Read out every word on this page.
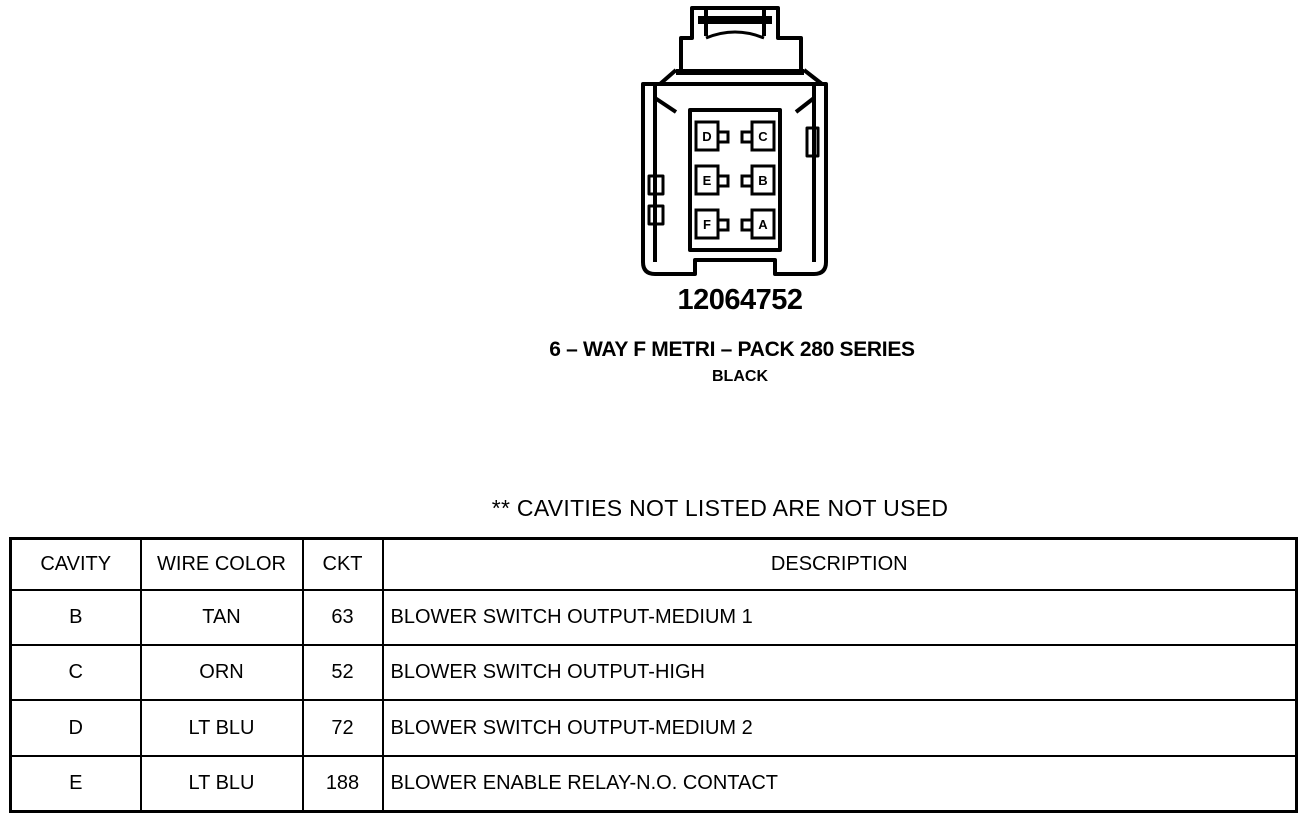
D	C
E	B
F	A
12064752
6 – WAY F METRI – PACK 280 SERIES
BLACK
** CAVITIES NOT LISTED ARE NOT USED
CAVITY	WIRE COLOR	CKT	DESCRIPTION
B	TAN	63	BLOWER SWITCH OUTPUT-MEDIUM 1
C	ORN	52	BLOWER SWITCH OUTPUT-HIGH
D	LT BLU	72	BLOWER SWITCH OUTPUT-MEDIUM 2
E	LT BLU	188	BLOWER ENABLE RELAY-N.O. CONTACT
